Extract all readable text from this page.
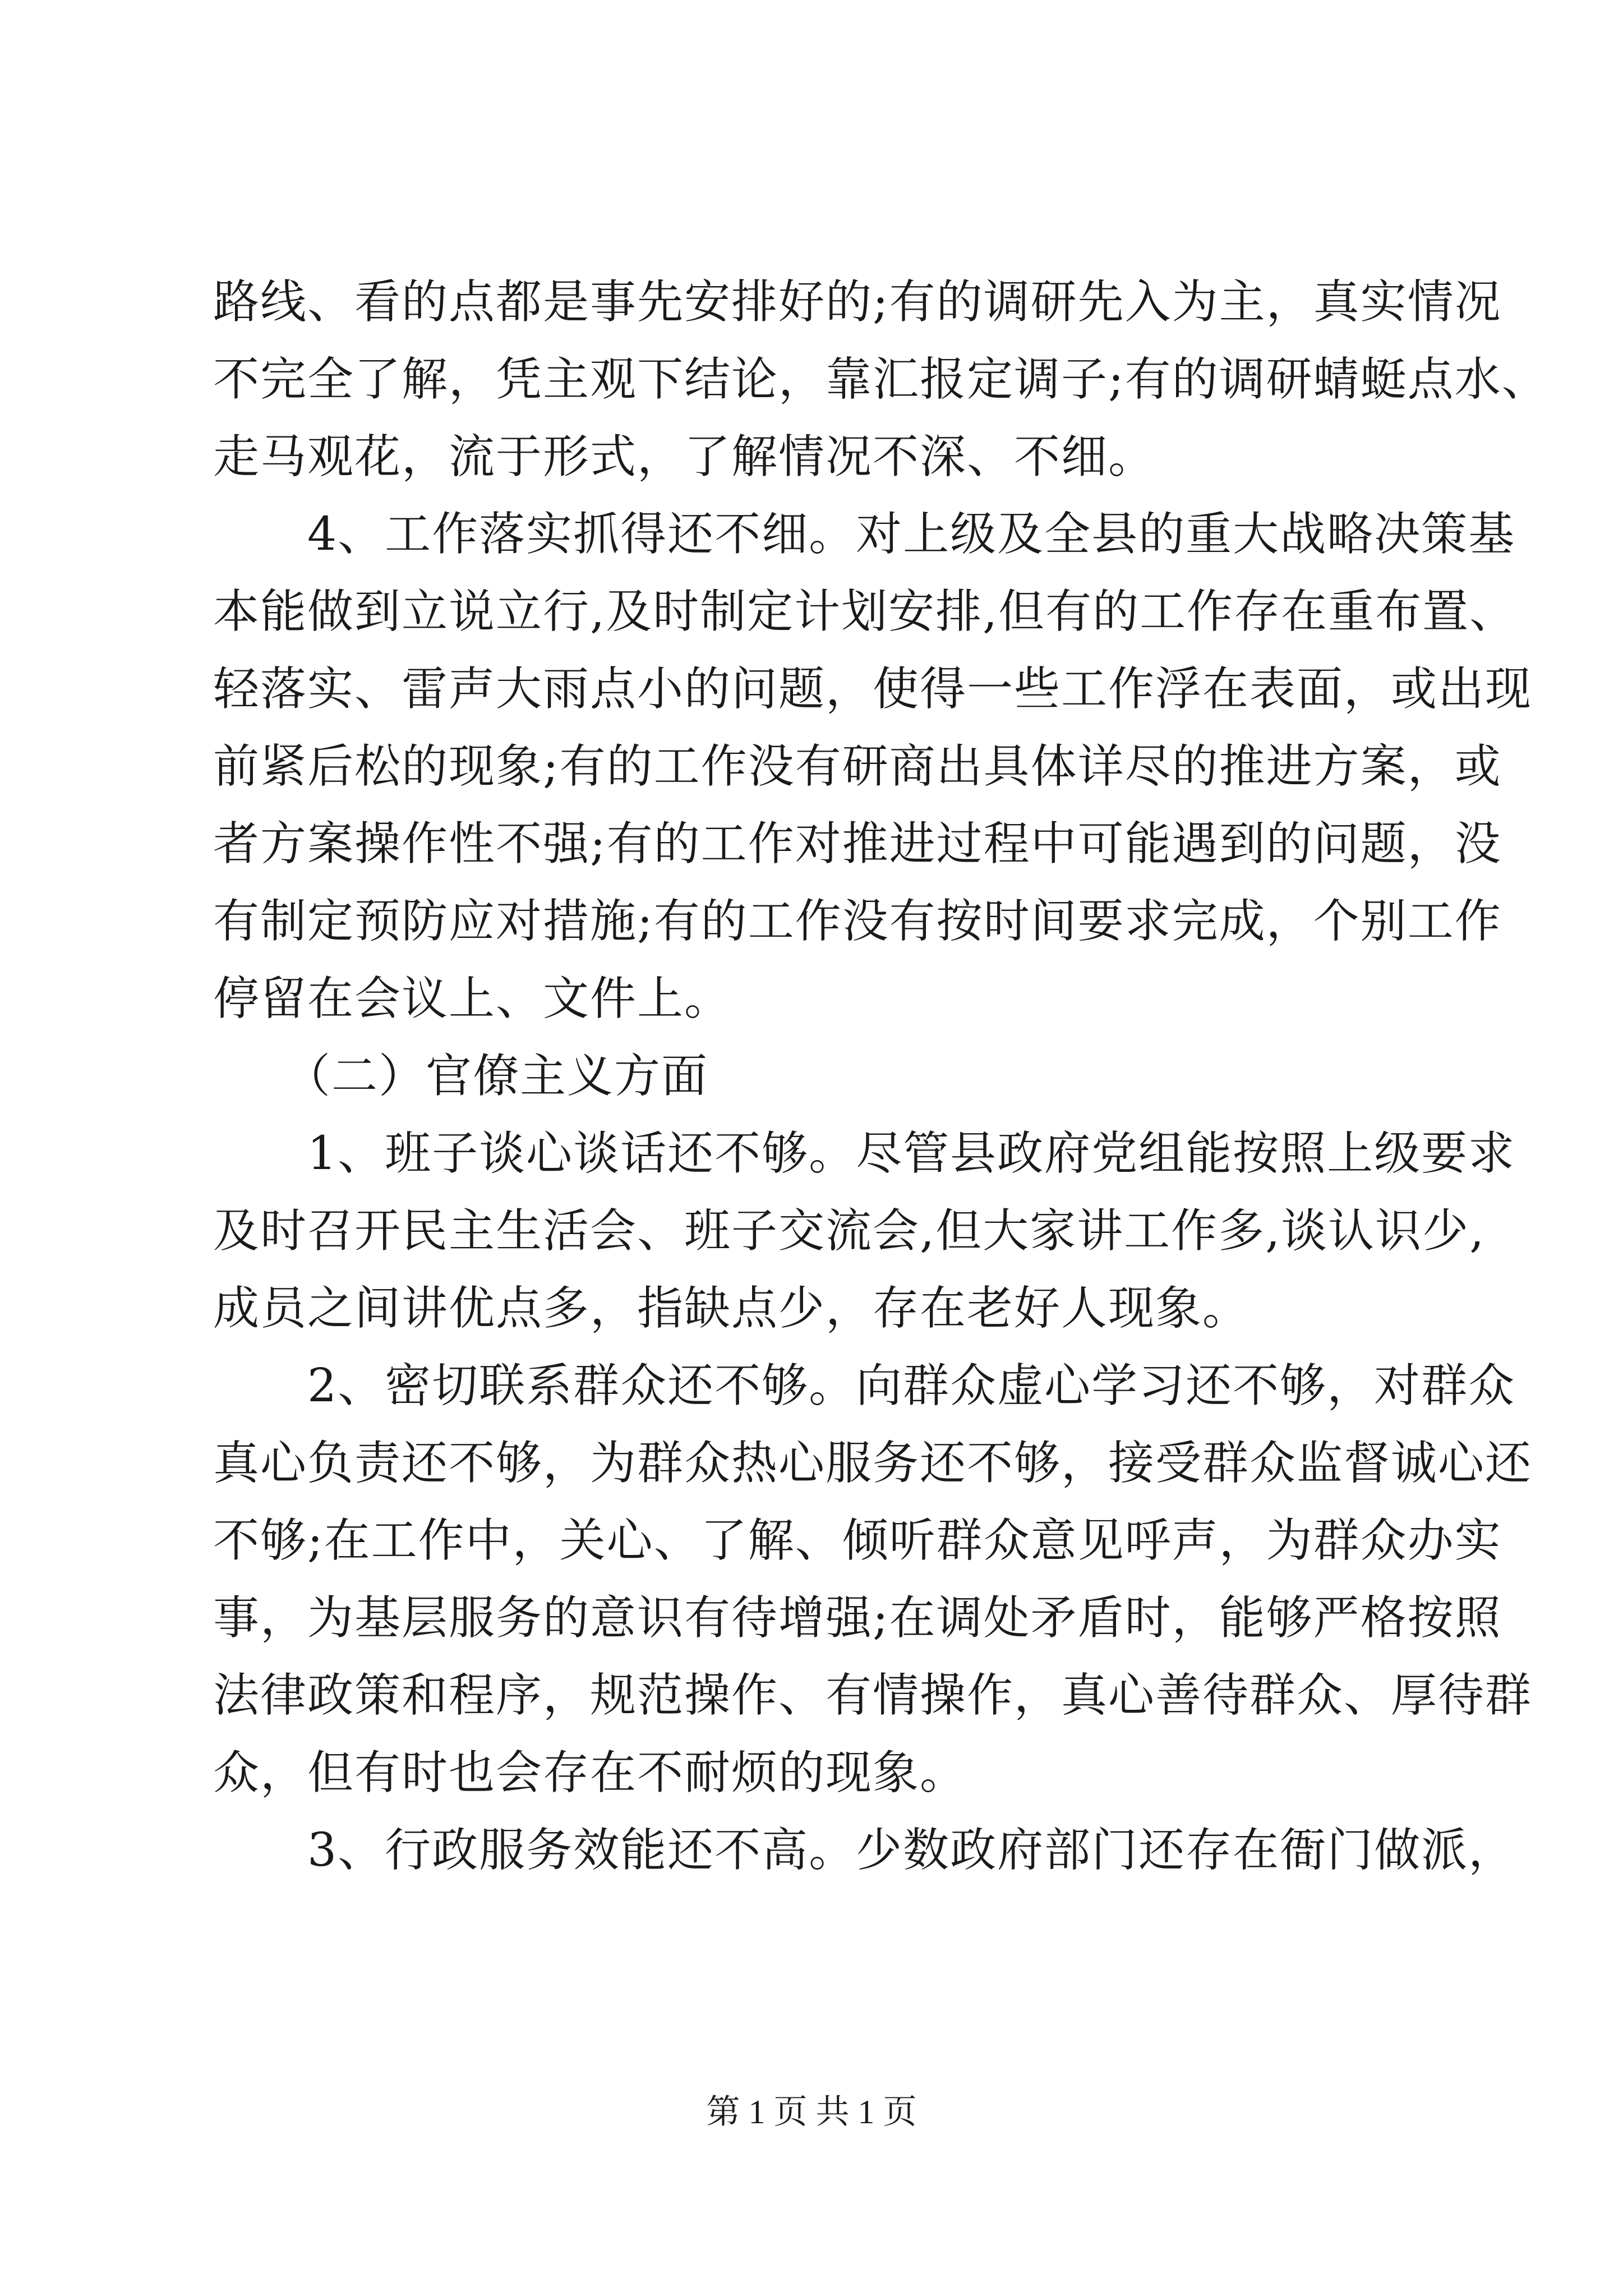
路线、看的点都是事先安排好的;有的调研先入为主，真实情况
不完全了解，凭主观下结论，靠汇报定调子;有的调研蜻蜓点水、
走马观花，流于形式，了解情况不深、不细。
　　4、工作落实抓得还不细。对上级及全县的重大战略决策基
本能做到立说立行,及时制定计划安排,但有的工作存在重布置、
轻落实、雷声大雨点小的问题，使得一些工作浮在表面，或出现
前紧后松的现象;有的工作没有研商出具体详尽的推进方案，或
者方案操作性不强;有的工作对推进过程中可能遇到的问题，没
有制定预防应对措施;有的工作没有按时间要求完成，个别工作
停留在会议上、文件上。
　　（二）官僚主义方面
　　1、班子谈心谈话还不够。尽管县政府党组能按照上级要求
及时召开民主生活会、班子交流会,但大家讲工作多,谈认识少,
成员之间讲优点多，指缺点少，存在老好人现象。
　　2、密切联系群众还不够。向群众虚心学习还不够，对群众
真心负责还不够，为群众热心服务还不够，接受群众监督诚心还
不够;在工作中，关心、了解、倾听群众意见呼声，为群众办实
事，为基层服务的意识有待增强;在调处矛盾时，能够严格按照
法律政策和程序，规范操作、有情操作，真心善待群众、厚待群
众，但有时也会存在不耐烦的现象。
　　3、行政服务效能还不高。少数政府部门还存在衙门做派，
第 1 页 共 1 页
